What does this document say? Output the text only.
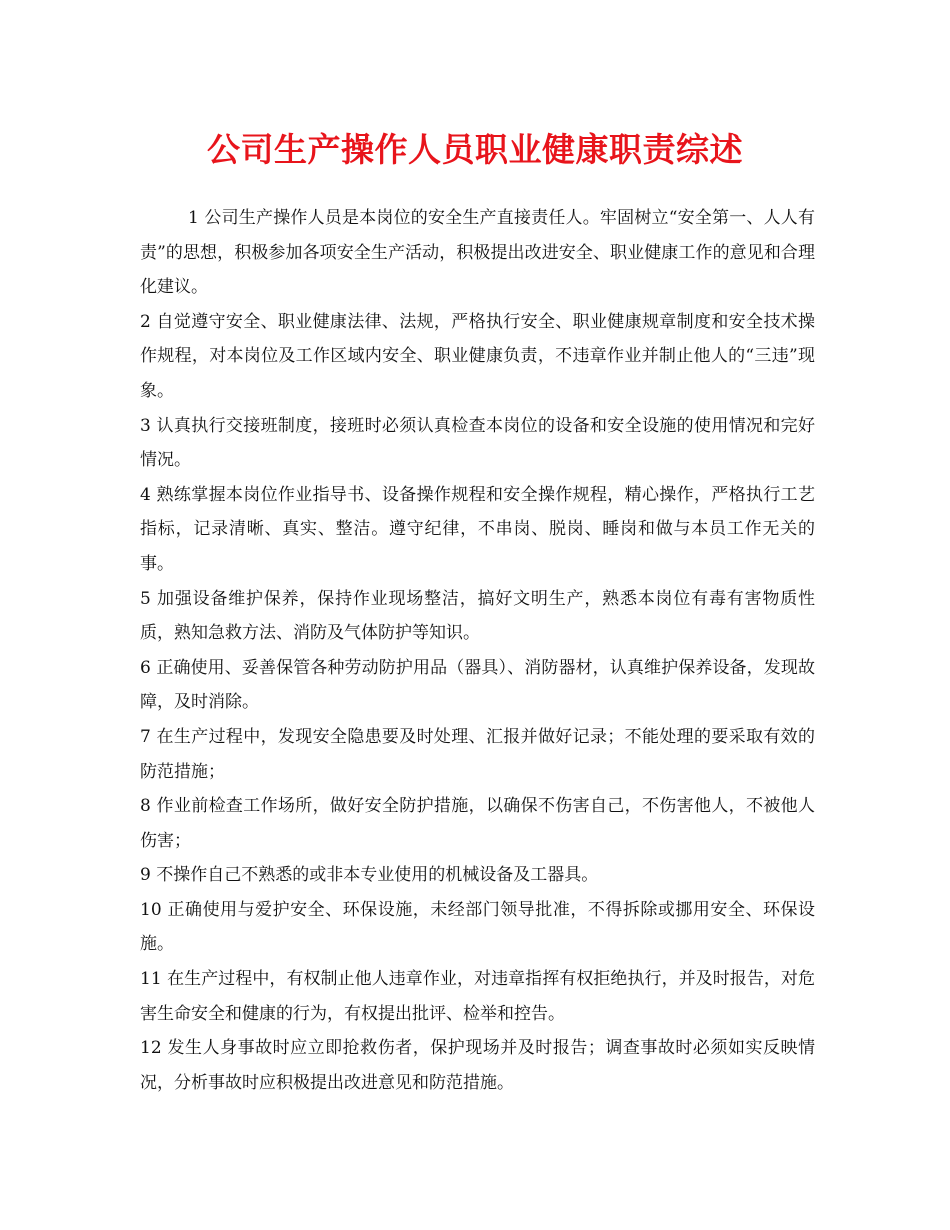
公司生产操作人员职业健康职责综述

1 公司生产操作人员是本岗位的安全生产直接责任人。牢固树立“安全第一、人人有责”的思想，积极参加各项安全生产活动，积极提出改进安全、职业健康工作的意见和合理化建议。

2 自觉遵守安全、职业健康法律、法规，严格执行安全、职业健康规章制度和安全技术操作规程，对本岗位及工作区域内安全、职业健康负责，不违章作业并制止他人的“三违”现象。

3 认真执行交接班制度，接班时必须认真检查本岗位的设备和安全设施的使用情况和完好情况。

4 熟练掌握本岗位作业指导书、设备操作规程和安全操作规程，精心操作，严格执行工艺指标，记录清晰、真实、整洁。遵守纪律，不串岗、脱岗、睡岗和做与本员工作无关的事。

5 加强设备维护保养，保持作业现场整洁，搞好文明生产，熟悉本岗位有毒有害物质性质，熟知急救方法、消防及气体防护等知识。

6 正确使用、妥善保管各种劳动防护用品（器具）、消防器材，认真维护保养设备，发现故障，及时消除。

7 在生产过程中，发现安全隐患要及时处理、汇报并做好记录；不能处理的要采取有效的防范措施；

8 作业前检查工作场所，做好安全防护措施，以确保不伤害自己，不伤害他人，不被他人伤害；

9 不操作自己不熟悉的或非本专业使用的机械设备及工器具。

10 正确使用与爱护安全、环保设施，未经部门领导批准，不得拆除或挪用安全、环保设施。

11 在生产过程中，有权制止他人违章作业，对违章指挥有权拒绝执行，并及时报告，对危害生命安全和健康的行为，有权提出批评、检举和控告。

12 发生人身事故时应立即抢救伤者，保护现场并及时报告；调查事故时必须如实反映情况，分析事故时应积极提出改进意见和防范措施。
